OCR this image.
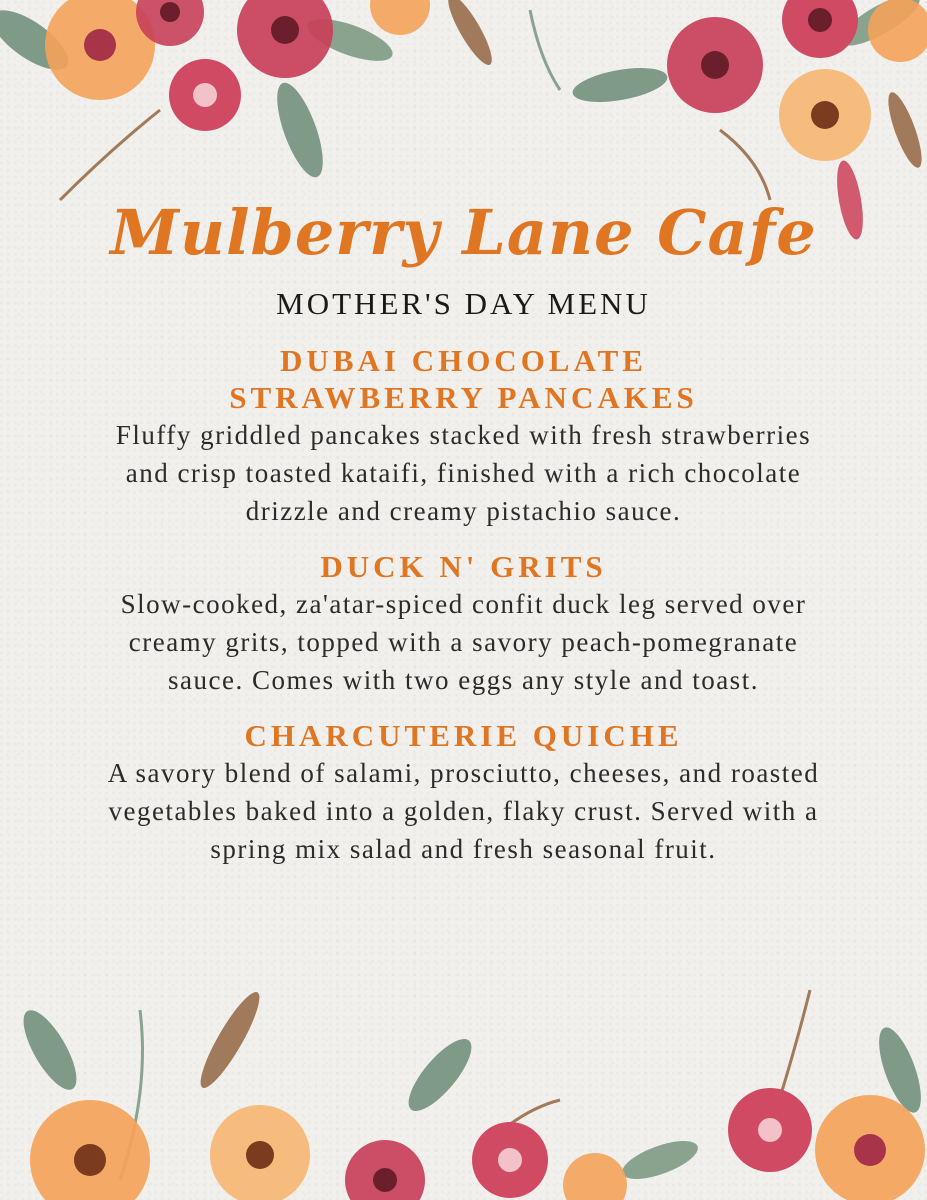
Mulberry Lane Cafe
MOTHER'S DAY MENU
DUBAI CHOCOLATE STRAWBERRY PANCAKES

Fluffy griddled pancakes stacked with fresh strawberries and crisp toasted kataifi, finished with a rich chocolate drizzle and creamy pistachio sauce.

DUCK N' GRITS

Slow-cooked, za'atar-spiced confit duck leg served over creamy grits, topped with a savory peach-pomegranate sauce. Comes with two eggs any style and toast.

CHARCUTERIE QUICHE

A savory blend of salami, prosciutto, cheeses, and roasted vegetables baked into a golden, flaky crust. Served with a spring mix salad and fresh seasonal fruit.
